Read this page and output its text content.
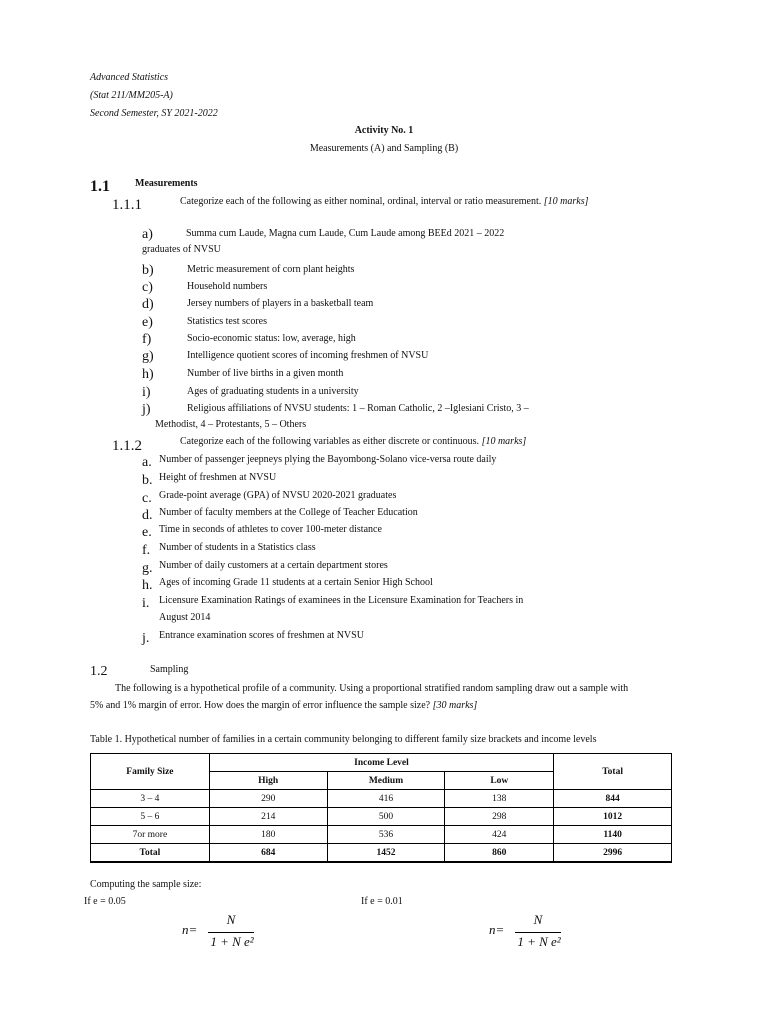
Advanced Statistics
(Stat 211/MM205-A)
Second Semester, SY 2021-2022
Activity No. 1
Measurements (A) and Sampling (B)
1.1	Measurements
1.1.1	Categorize each of the following as either nominal, ordinal, interval or ratio measurement. [10 marks]
a)	Summa cum Laude, Magna cum Laude, Cum Laude among BEEd 2021 – 2022
graduates of NVSU
b)	Metric measurement of corn plant heights
c)	Household numbers
d)	Jersey numbers of players in a basketball team
e)	Statistics test scores
f)	Socio-economic status: low, average, high
g)	Intelligence quotient scores of incoming freshmen of NVSU
h)	Number of live births in a given month
i)	Ages of graduating students in a university
j)	Religious affiliations of NVSU students: 1 – Roman Catholic, 2 –Iglesiani Cristo, 3 –
Methodist, 4 – Protestants, 5 – Others
1.1.2	Categorize each of the following variables as either discrete or continuous. [10 marks]
a. Number of passenger jeepneys plying the Bayombong-Solano vice-versa route daily
b. Height of freshmen at NVSU
c. Grade-point average (GPA) of NVSU 2020-2021 graduates
d. Number of faculty members at the College of Teacher Education
e. Time in seconds of athletes to cover 100-meter distance
f. Number of students in a Statistics class
g. Number of daily customers at a certain department stores
h. Ages of incoming Grade 11 students at a certain Senior High School
i. Licensure Examination Ratings of examinees in the Licensure Examination for Teachers in
August 2014
j. Entrance examination scores of freshmen at NVSU
1.2	Sampling
The following is a hypothetical profile of a community. Using a proportional stratified random sampling draw out a sample with
5% and 1% margin of error. How does the margin of error influence the sample size? [30 marks]
Table 1. Hypothetical number of families in a certain community belonging to different family size brackets and income levels
Family Size	Income Level			Total
	High	Medium	Low	
3 – 4	290	416	138	844
5 – 6	214	500	298	1012
7or more	180	536	424	1140
Total	684	1452	860	2996
Computing the sample size:
If e = 0.05	If e = 0.01
n=
N
1 + N e²
n=
N
1 + N e²
